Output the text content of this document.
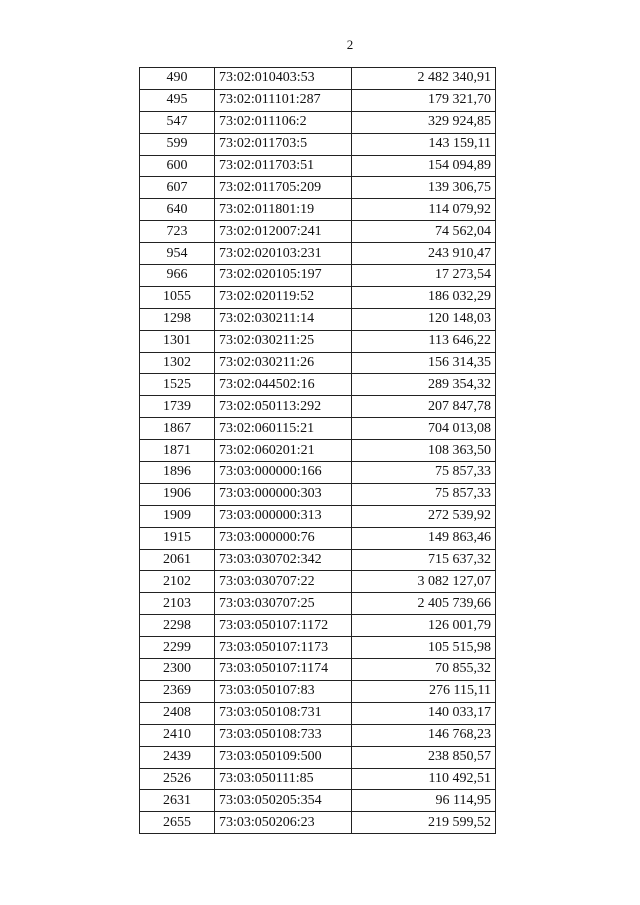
2
490	73:02:010403:53	2 482 340,91
495	73:02:011101:287	179 321,70
547	73:02:011106:2	329 924,85
599	73:02:011703:5	143 159,11
600	73:02:011703:51	154 094,89
607	73:02:011705:209	139 306,75
640	73:02:011801:19	114 079,92
723	73:02:012007:241	74 562,04
954	73:02:020103:231	243 910,47
966	73:02:020105:197	17 273,54
1055	73:02:020119:52	186 032,29
1298	73:02:030211:14	120 148,03
1301	73:02:030211:25	113 646,22
1302	73:02:030211:26	156 314,35
1525	73:02:044502:16	289 354,32
1739	73:02:050113:292	207 847,78
1867	73:02:060115:21	704 013,08
1871	73:02:060201:21	108 363,50
1896	73:03:000000:166	75 857,33
1906	73:03:000000:303	75 857,33
1909	73:03:000000:313	272 539,92
1915	73:03:000000:76	149 863,46
2061	73:03:030702:342	715 637,32
2102	73:03:030707:22	3 082 127,07
2103	73:03:030707:25	2 405 739,66
2298	73:03:050107:1172	126 001,79
2299	73:03:050107:1173	105 515,98
2300	73:03:050107:1174	70 855,32
2369	73:03:050107:83	276 115,11
2408	73:03:050108:731	140 033,17
2410	73:03:050108:733	146 768,23
2439	73:03:050109:500	238 850,57
2526	73:03:050111:85	110 492,51
2631	73:03:050205:354	96 114,95
2655	73:03:050206:23	219 599,52
